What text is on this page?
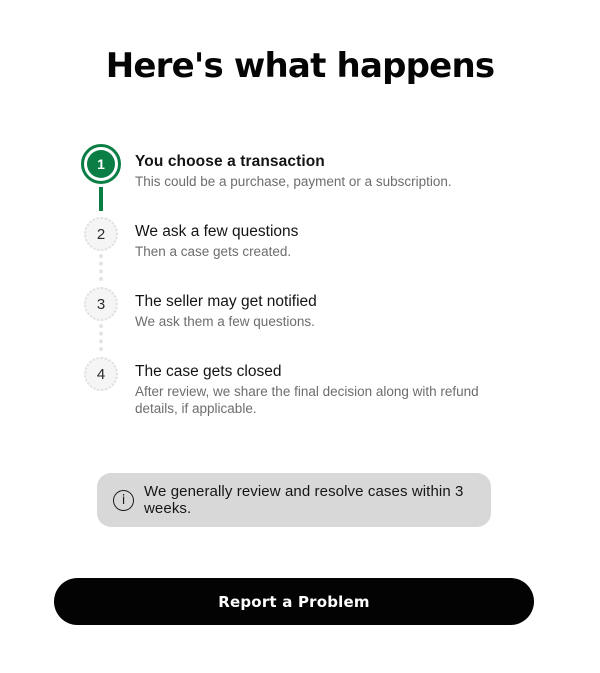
Here's what happens
1	You choose a transaction
This could be a purchase, payment or a subscription.
2 We ask a few questions
Then a case gets created.
3 The seller may get notified
We ask them a few questions.
4 The case gets closed
After review, we share the final decision along with refund details, if applicable.
i	We generally review and resolve cases within 3 weeks.
Report a Problem
